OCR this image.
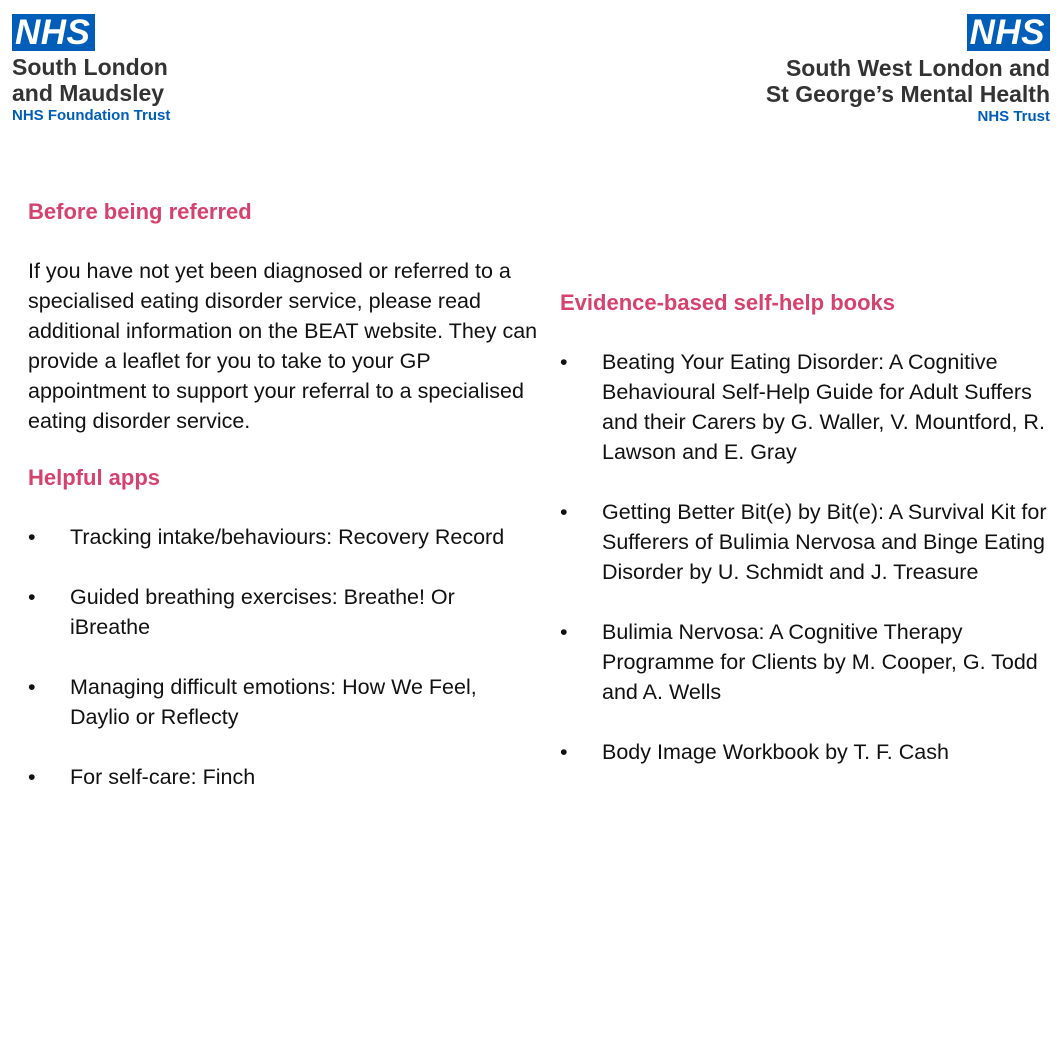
NHS
South London
and Maudsley
NHS Foundation Trust
NHS
South West London and
St George’s Mental Health
NHS Trust
Before being referred

If you have not yet been diagnosed or referred to a specialised eating disorder service, please read additional information on the BEAT website. They can provide a leaflet for you to take to your GP appointment to support your referral to a specialised eating disorder service.

Helpful apps
• Tracking intake/behaviours: Recovery Record
• Guided breathing exercises: Breathe! Or iBreathe
• Managing difficult emotions: How We Feel, Daylio or Reflecty
• For self-care: Finch
Evidence-based self-help books
• Beating Your Eating Disorder: A Cognitive Behavioural Self-Help Guide for Adult Suffers and their Carers by G. Waller, V. Mountford, R. Lawson and E. Gray
• Getting Better Bit(e) by Bit(e): A Survival Kit for Sufferers of Bulimia Nervosa and Binge Eating Disorder by U. Schmidt and J. Treasure
• Bulimia Nervosa: A Cognitive Therapy Programme for Clients by M. Cooper, G. Todd and A. Wells
• Body Image Workbook by T. F. Cash
